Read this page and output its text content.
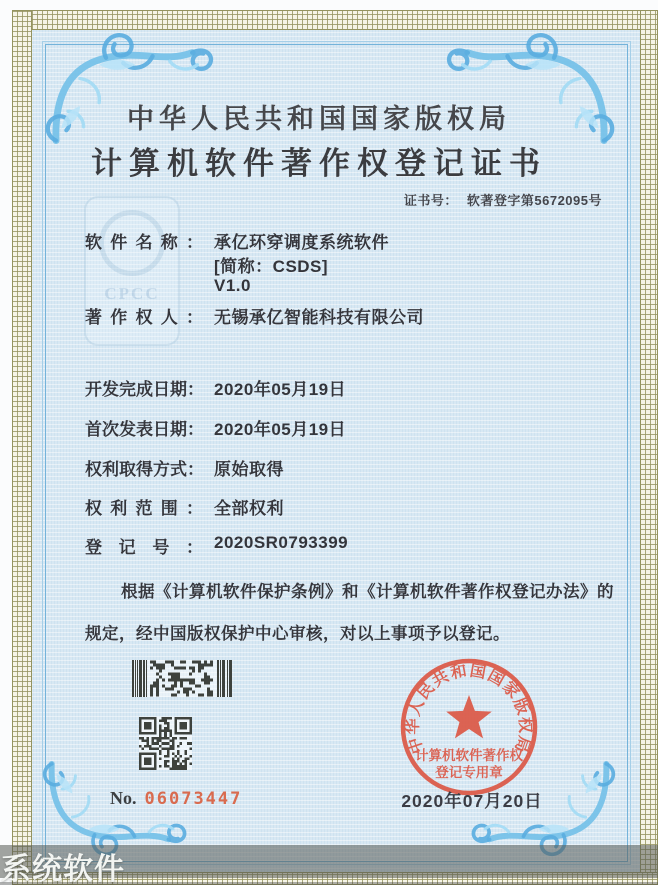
CPCC
中华人民共和国国家版权局
计算机软件著作权登记证书
证书号： 软著登字第5672095号
软件名称： 承亿环穿调度系统软件
[简称：CSDS]
V1.0
著作权人： 无锡承亿智能科技有限公司
开发完成日期： 2020年05月19日
首次发表日期： 2020年05月19日
权利取得方式： 原始取得
权利范围： 全部权利
登记号： 2020SR0793399
根据《计算机软件保护条例》和《计算机软件著作权登记办法》的
规定，经中国版权保护中心审核，对以上事项予以登记。
No. 06073447
中华人民共和国国家版权局
计算机软件著作权
登记专用章
2020年07月20日
系统软件
